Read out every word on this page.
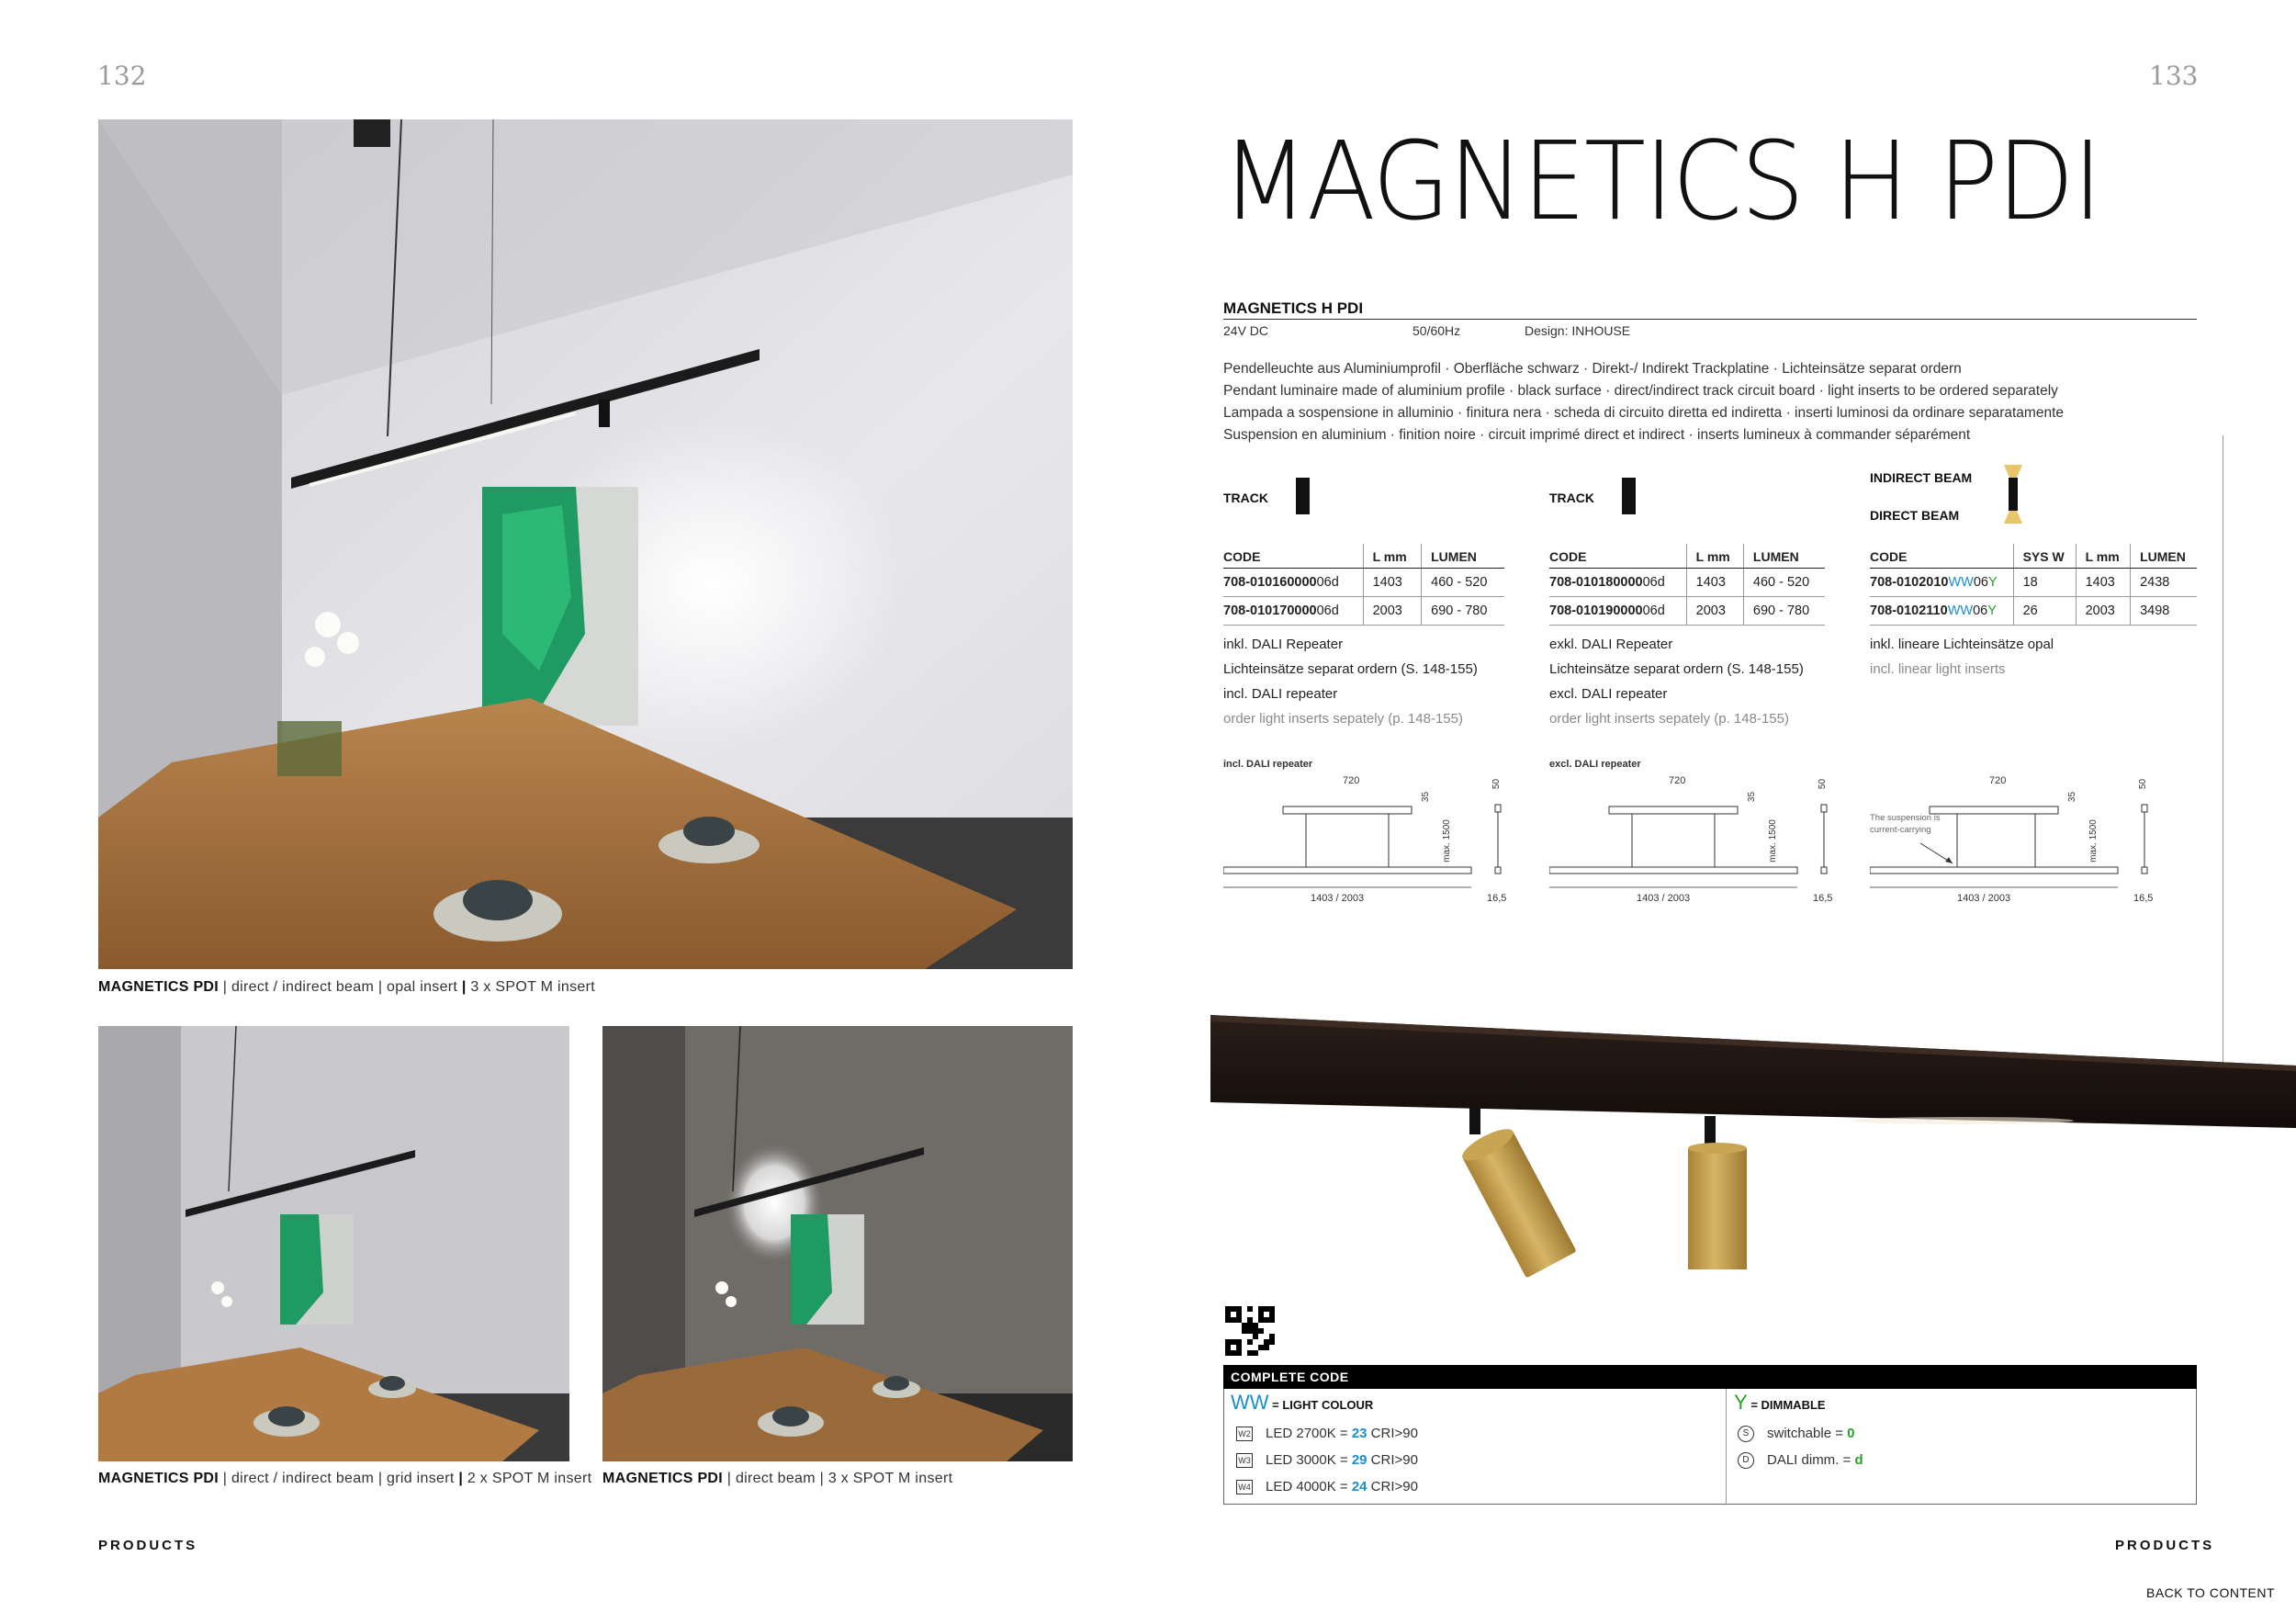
132
MAGNETICS PDI | direct / indirect beam | opal insert | 3 x SPOT M insert
MAGNETICS PDI | direct / indirect beam | grid insert | 2 x SPOT M insert MAGNETICS PDI | direct beam | 3 x SPOT M insert
PRODUCTS
133
MAGNETICS H PDI
MAGNETICS H PDI
24V DC	50/60Hz	Design: INHOUSE
Pendelleuchte aus Aluminiumprofil · Oberfläche schwarz · Direkt-/ Indirekt Trackplatine · Lichteinsätze separat ordern
Pendant luminaire made of aluminium profile · black surface · direct/indirect track circuit board · light inserts to be ordered separately
Lampada a sospensione in alluminio · finitura nera · scheda di circuito diretta ed indiretta · inserti luminosi da ordinare separatamente
Suspension en aluminium · finition noire · circuit imprimé direct et indirect · inserts lumineux à commander séparément
TRACK
CODE	L mm	LUMEN
708-01016000006d	1403	460 - 520
708-01017000006d	2003	690 - 780
inkl. DALI Repeater
Lichteinsätze separat ordern (S. 148-155)
incl. DALI repeater
order light inserts sepately (p. 148-155)
TRACK
CODE	L mm	LUMEN
708-01018000006d	1403	460 - 520
708-01019000006d	2003	690 - 780
exkl. DALI Repeater
Lichteinsätze separat ordern (S. 148-155)
excl. DALI repeater
order light inserts sepately (p. 148-155)
INDIRECT BEAM
DIRECT BEAM
CODE	SYS W	L mm	LUMEN
708-0102010WW06Y	18	1403	2438
708-0102110WW06Y	26	2003	3498
inkl. lineare Lichteinsätze opal
incl. linear light inserts
incl. DALI repeater
720
35
50
max. 1500
1403 / 2003	16,5
excl. DALI repeater
720
35
50
max. 1500
1403 / 2003	16,5
The suspension is current-carrying
720
35
50
max. 1500
1403 / 2003	16,5
COMPLETE CODE
WW = LIGHT COLOUR	Y = DIMMABLE
W2 LED 2700K = 23 CRI>90
W3 LED 3000K = 29 CRI>90
W4 LED 4000K = 24 CRI>90
S switchable = 0
D DALI dimm. = d
PRODUCTS
BACK TO CONTENT
